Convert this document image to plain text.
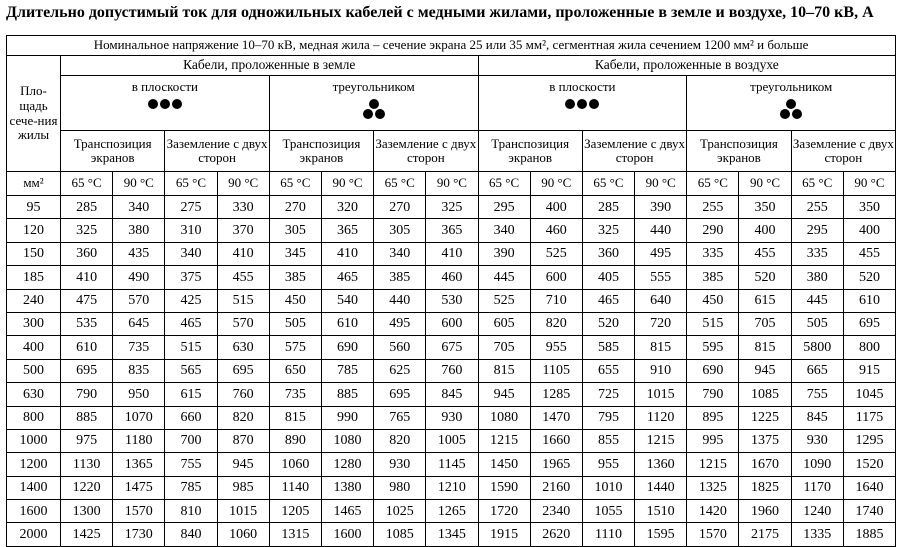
Длительно допустимый ток для одножильных кабелей с медными жилами, проложенные в земле и воздухе, 10–70 кВ, А
Номинальное напряжение 10–70 кВ, медная жила – сечение экрана 25 или 35 мм², сегментная жила сечением 1200 мм² и больше																
Пло-щадь сече-ния жилы	Кабели, проложенные в земле								Кабели, проложенные в воздухе							

	в плоскости				треугольником				в плоскости				треугольником			

	Транспозиция экранов		Заземление с двух сторон		Транспозиция экранов		Заземление с двух сторон		Транспозиция экранов		Заземление с двух сторон		Транспозиция экранов		Заземление с двух сторон	
мм²	65 °C	90 °C	65 °C	90 °C	65 °C	90 °C	65 °C	90 °C	65 °C	90 °C	65 °C	90 °C	65 °C	90 °C	65 °C	90 °C
95	285	340	275	330	270	320	270	325	295	400	285	390	255	350	255	350
120	325	380	310	370	305	365	305	365	340	460	325	440	290	400	295	400
150	360	435	340	410	345	410	340	410	390	525	360	495	335	455	335	455
185	410	490	375	455	385	465	385	460	445	600	405	555	385	520	380	520
240	475	570	425	515	450	540	440	530	525	710	465	640	450	615	445	610
300	535	645	465	570	505	610	495	600	605	820	520	720	515	705	505	695
400	610	735	515	630	575	690	560	675	705	955	585	815	595	815	5800	800
500	695	835	565	695	650	785	625	760	815	1105	655	910	690	945	665	915
630	790	950	615	760	735	885	695	845	945	1285	725	1015	790	1085	755	1045
800	885	1070	660	820	815	990	765	930	1080	1470	795	1120	895	1225	845	1175
1000	975	1180	700	870	890	1080	820	1005	1215	1660	855	1215	995	1375	930	1295
1200	1130	1365	755	945	1060	1280	930	1145	1450	1965	955	1360	1215	1670	1090	1520
1400	1220	1475	785	985	1140	1380	980	1210	1590	2160	1010	1440	1325	1825	1170	1640
1600	1300	1570	810	1015	1205	1465	1025	1265	1720	2340	1055	1510	1420	1960	1240	1740
2000	1425	1730	840	1060	1315	1600	1085	1345	1915	2620	1110	1595	1570	2175	1335	1885
